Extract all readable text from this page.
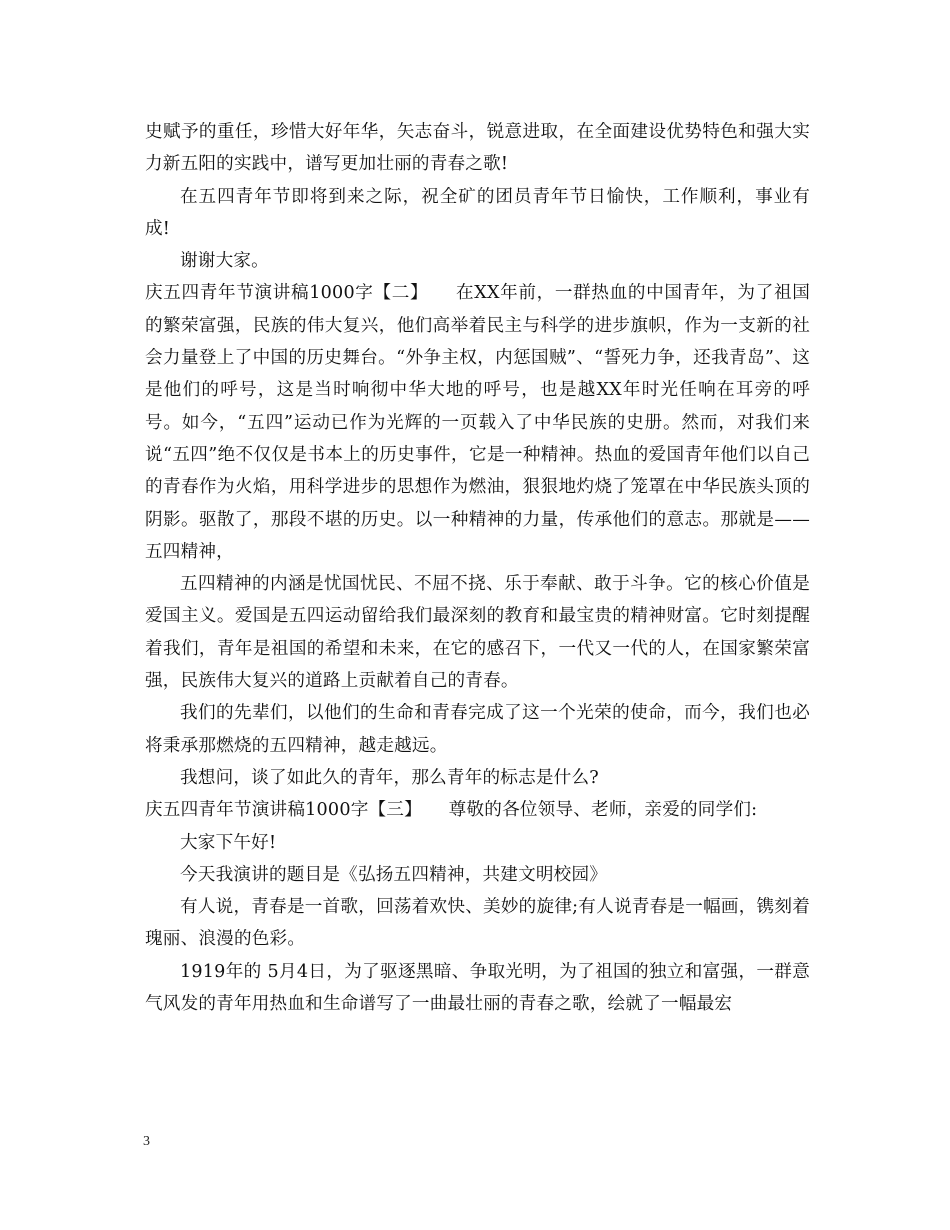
史赋予的重任，珍惜大好年华，矢志奋斗，锐意进取，在全面建设优势特色和强大实力新五阳的实践中，谱写更加壮丽的青春之歌!

在五四青年节即将到来之际，祝全矿的团员青年节日愉快，工作顺利，事业有成!

谢谢大家。

庆五四青年节演讲稿1000字【二】　　在XX年前，一群热血的中国青年，为了祖国的繁荣富强，民族的伟大复兴，他们高举着民主与科学的进步旗帜，作为一支新的社会力量登上了中国的历史舞台。“外争主权，内惩国贼”、“誓死力争，还我青岛”、这是他们的呼号，这是当时响彻中华大地的呼号，也是越XX年时光任响在耳旁的呼号。如今，“五四”运动已作为光辉的一页载入了中华民族的史册。然而，对我们来说“五四”绝不仅仅是书本上的历史事件，它是一种精神。热血的爱国青年他们以自己的青春作为火焰，用科学进步的思想作为燃油，狠狠地灼烧了笼罩在中华民族头顶的阴影。驱散了，那段不堪的历史。以一种精神的力量，传承他们的意志。那就是——五四精神，

五四精神的内涵是忧国忧民、不屈不挠、乐于奉献、敢于斗争。它的核心价值是爱国主义。爱国是五四运动留给我们最深刻的教育和最宝贵的精神财富。它时刻提醒着我们，青年是祖国的希望和未来，在它的感召下，一代又一代的人，在国家繁荣富强，民族伟大复兴的道路上贡献着自己的青春。

我们的先辈们，以他们的生命和青春完成了这一个光荣的使命，而今，我们也必将秉承那燃烧的五四精神，越走越远。

我想问，谈了如此久的青年，那么青年的标志是什么?

庆五四青年节演讲稿1000字【三】　　尊敬的各位领导、老师，亲爱的同学们:

大家下午好!

今天我演讲的题目是《弘扬五四精神，共建文明校园》

有人说，青春是一首歌，回荡着欢快、美妙的旋律;有人说青春是一幅画，镌刻着瑰丽、浪漫的色彩。

1919年的 5月4日，为了驱逐黑暗、争取光明，为了祖国的独立和富强，一群意气风发的青年用热血和生命谱写了一曲最壮丽的青春之歌，绘就了一幅最宏

3
